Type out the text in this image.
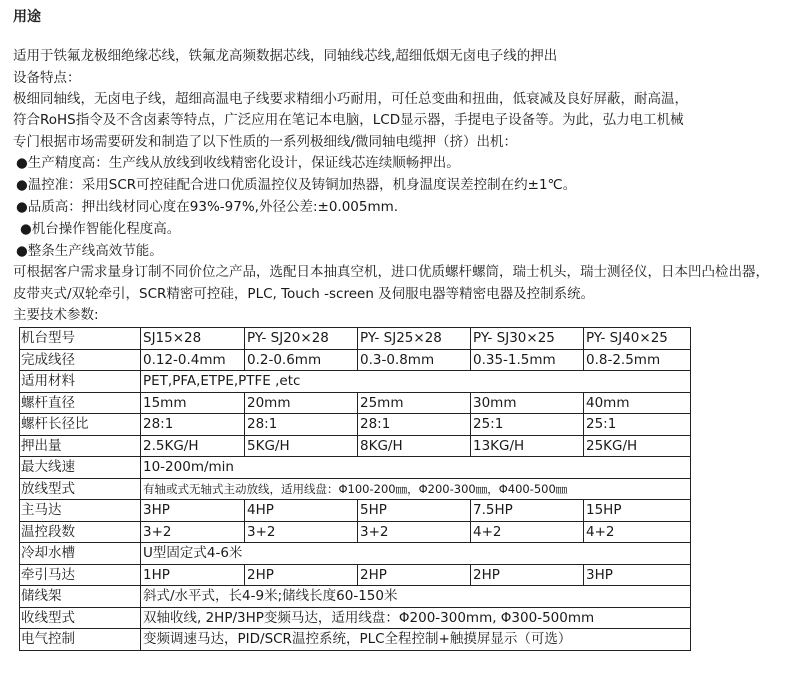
用途
适用于铁氟龙极细绝缘芯线，铁氟龙高频数据芯线，同轴线芯线,超细低烟无卤电子线的押出
设备特点：
极细同轴线，无卤电子线，超细高温电子线要求精细小巧耐用，可任总变曲和扭曲，低衰减及良好屏蔽，耐高温，
符合RoHS指令及不含卤素等特点，广泛应用在笔记本电脑，LCD显示器，手提电子设备等。为此，弘力电工机械
专门根据市场需要研发和制造了以下性质的一系列极细线/微同轴电缆押（挤）出机：
●生产精度高：生产线从放线到收线精密化设计，保证线芯连续顺畅押出。
●温控准：采用SCR可控硅配合进口优质温控仪及铸铜加热器，机身温度误差控制在约±1℃。
●品质高：押出线材同心度在93%-97%,外径公差:±0.005mm.
●机台操作智能化程度高。
●整条生产线高效节能。
可根据客户需求量身订制不同价位之产品，选配日本抽真空机，进口优质螺杆螺筒，瑞士机头，瑞士测径仪，日本凹凸检出器，
皮带夹式/双轮牵引，SCR精密可控硅，PLC, Touch -screen 及伺服电器等精密电器及控制系统。
主要技术参数:
机台型号	SJ15×28	PY- SJ20×28	PY- SJ25×28	PY- SJ30×25	PY- SJ40×25
完成线径	0.12-0.4mm	0.2-0.6mm	0.3-0.8mm	0.35-1.5mm	0.8-2.5mm
适用材料	PET,PFA,ETPE,PTFE ,etc				
螺杆直径	15mm	20mm	25mm	30mm	40mm
螺杆长径比	28:1	28:1	28:1	25:1	25:1
押出量	2.5KG/H	5KG/H	8KG/H	13KG/H	25KG/H
最大线速	10-200m/min				
放线型式	有轴或式无轴式主动放线，适用线盘：Φ100-200㎜，Φ200-300㎜，Φ400-500㎜				
主马达	3HP	4HP	5HP	7.5HP	15HP
温控段数	3+2	3+2	3+2	4+2	4+2
冷却水槽	U型固定式4-6米				
牵引马达	1HP	2HP	2HP	2HP	3HP
储线架	斜式/水平式，长4-9米;储线长度60-150米				
收线型式	双轴收线, 2HP/3HP变频马达，适用线盘：Φ200-300mm, Φ300-500mm				
电气控制	变频调速马达，PID/SCR温控系统，PLC全程控制+触摸屏显示（可选）				
